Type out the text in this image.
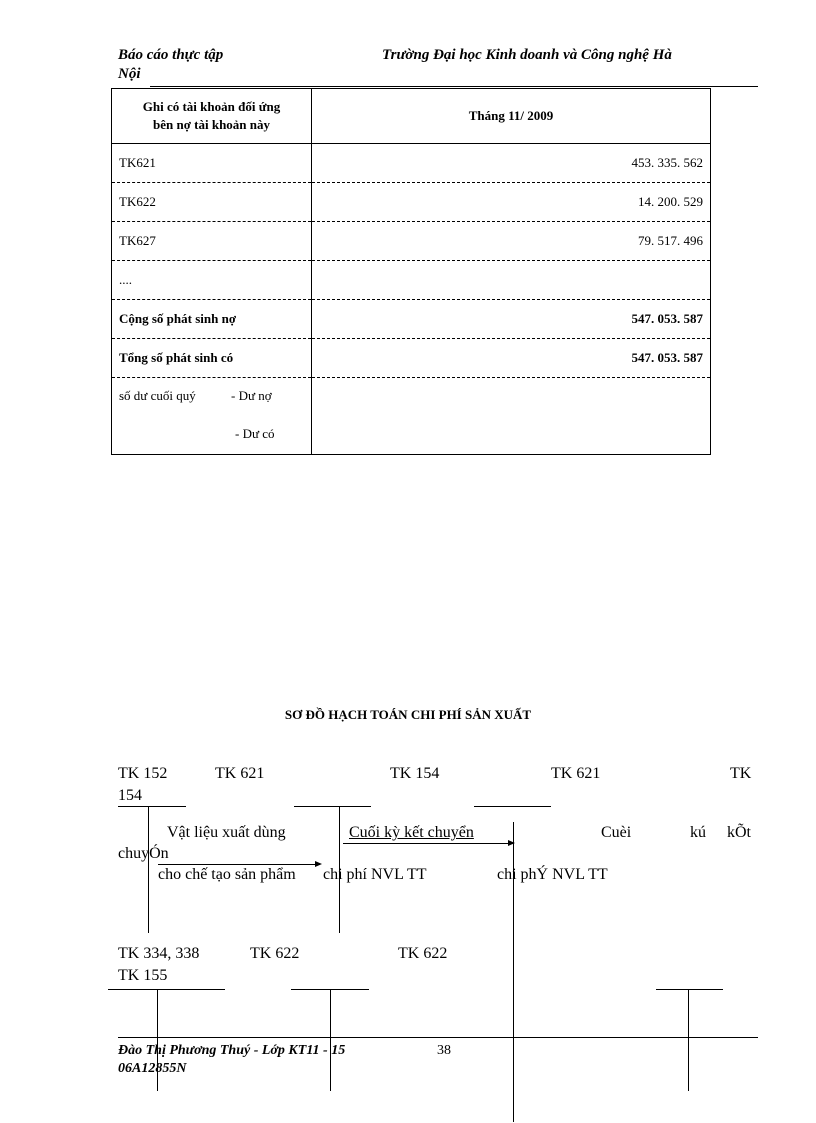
Báo cáo thực tập	Trường Đại học Kinh doanh và Công nghệ Hà
Nội
Ghi có tài khoản đối ứng
bên nợ tài khoản này	Tháng 11/ 2009
TK621	453. 335. 562
TK622	14. 200. 529
TK627	79. 517. 496
....	
Cộng số phát sinh nợ	547. 053. 587
Tổng số phát sinh có	547. 053. 587

số dư cuối quý - Dư nợ
- Dư có	

SƠ ĐỒ HẠCH TOÁN CHI PHÍ SẢN XUẤT
TK 152	TK 621	TK 154	TK 621	TK
154
Vật liệu xuất dùng	Cuối kỳ kết chuyển	Cuèi	kú kÕt
chuyÓn
cho chế tạo sản phẩm chi phí NVL TT	chi phÝ NVL TT
TK 334, 338	TK 622	TK 622
TK 155
Đào Thị Phương Thuý - Lớp KT11 - 15	38
06A12855N
